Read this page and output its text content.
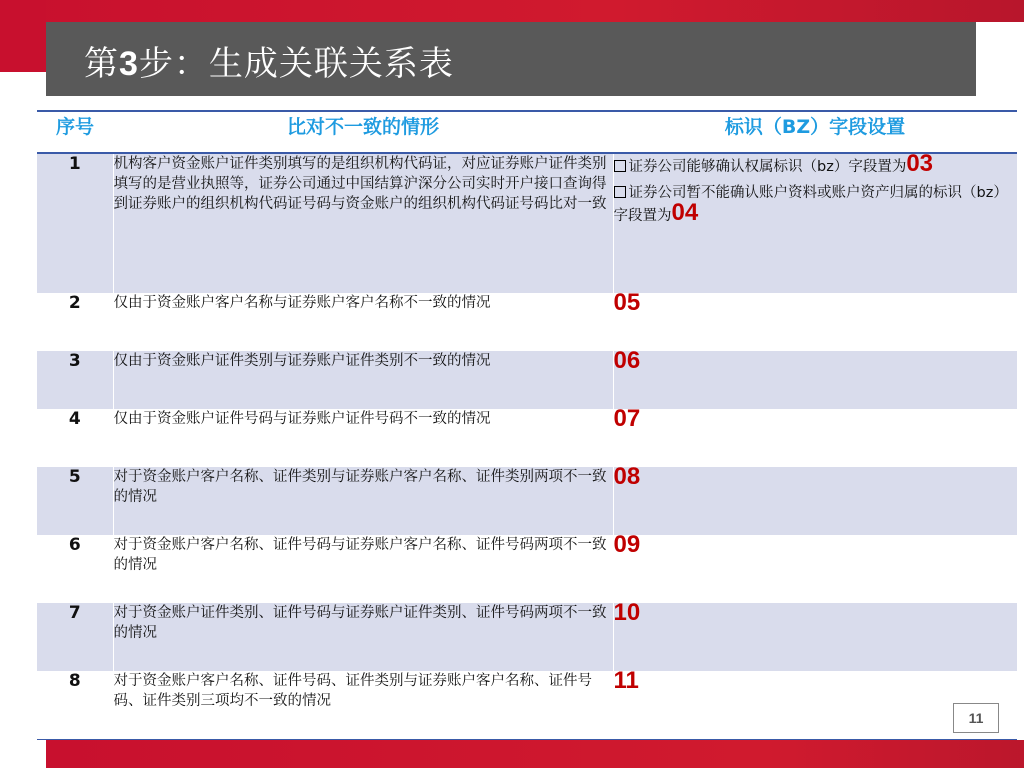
第3步：生成关联关系表
序号	比对不一致的情形	标识（BZ）字段设置
1	机构客户资金账户证件类别填写的是组织机构代码证，对应证券账户证件类别填写的是营业执照等，证券公司通过中国结算沪深分公司实时开户接口查询得到证券账户的组织机构代码证号码与资金账户的组织机构代码证号码比对一致	证券公司能够确认权属标识（bz）字段置为03
证券公司暂不能确认账户资料或账户资产归属的标识（bz）字段置为04

2	仅由于资金账户客户名称与证券账户客户名称不一致的情况	05
3	仅由于资金账户证件类别与证券账户证件类别不一致的情况	06
4	仅由于资金账户证件号码与证券账户证件号码不一致的情况	07
5	对于资金账户客户名称、证件类别与证券账户客户名称、证件类别两项不一致的情况	08
6	对于资金账户客户名称、证件号码与证券账户客户名称、证件号码两项不一致的情况	09
7	对于资金账户证件类别、证件号码与证券账户证件类别、证件号码两项不一致的情况	10
8	对于资金账户客户名称、证件号码、证件类别与证券账户客户名称、证件号码、证件类别三项均不一致的情况	11
11
